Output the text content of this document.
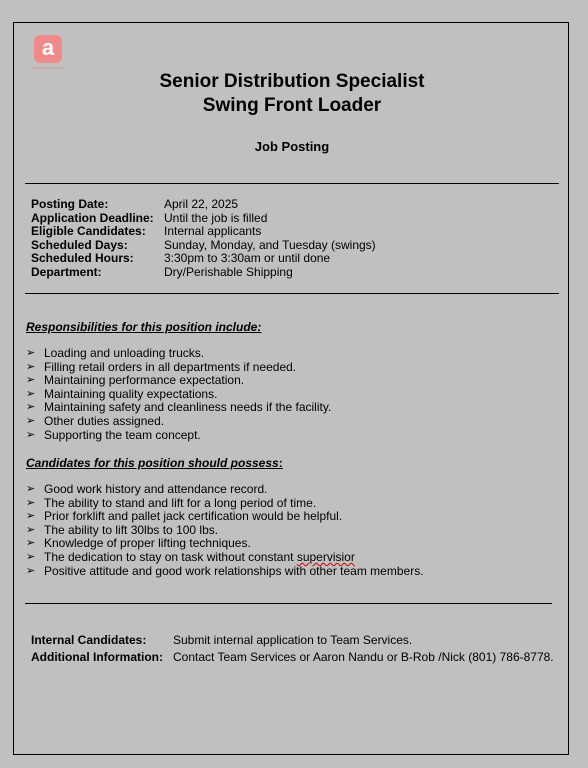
a
Associated Food Stores
Senior Distribution Specialist
Swing Front Loader
Job Posting
Posting Date:	April 22, 2025
Application Deadline: Until the job is filled
Eligible Candidates:	Internal applicants
Scheduled Days:	Sunday, Monday, and Tuesday (swings)
Scheduled Hours:	3:30pm to 3:30am or until done
Department:	Dry/Perishable Shipping
Responsibilities for this position include:
➢ Loading and unloading trucks.
➢ Filling retail orders in all departments if needed.
➢ Maintaining performance expectation.
➢ Maintaining quality expectations.
➢ Maintaining safety and cleanliness needs if the facility.
➢ Other duties assigned.
➢ Supporting the team concept.
Candidates for this position should possess:
➢ Good work history and attendance record.
➢ The ability to stand and lift for a long period of time.
➢ Prior forklift and pallet jack certification would be helpful.
➢ The ability to lift 30lbs to 100 lbs.
➢ Knowledge of proper lifting techniques.
➢ The dedication to stay on task without constant supervisior
➢ Positive attitude and good work relationships with other team members.
Internal Candidates:	Submit internal application to Team Services.
Additional Information: Contact Team Services or Aaron Nandu or B-Rob /Nick (801) 786-8778.
